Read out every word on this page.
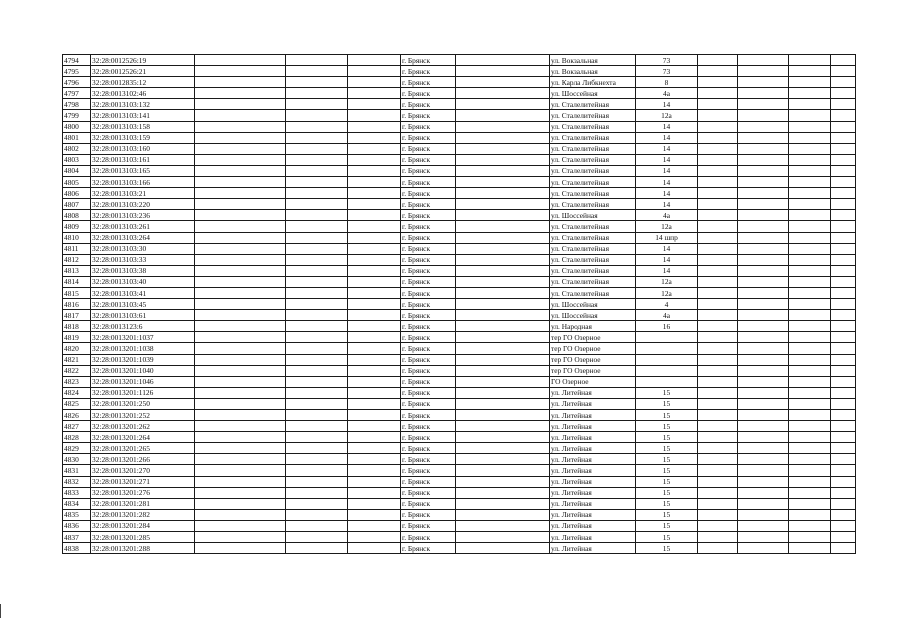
4794	32:28:0012526:19				г. Брянск		ул. Вокзальная	73				
4795	32:28:0012526:21				г. Брянск		ул. Вокзальная	73				
4796	32:28:0012835:12				г. Брянск		ул. Карла Либкнехта	8				
4797	32:28:0013102:46				г. Брянск		ул. Шоссейная	4а				
4798	32:28:0013103:132				г. Брянск		ул. Сталелитейная	14				
4799	32:28:0013103:141				г. Брянск		ул. Сталелитейная	12а				
4800	32:28:0013103:158				г. Брянск		ул. Сталелитейная	14				
4801	32:28:0013103:159				г. Брянск		ул. Сталелитейная	14				
4802	32:28:0013103:160				г. Брянск		ул. Сталелитейная	14				
4803	32:28:0013103:161				г. Брянск		ул. Сталелитейная	14				
4804	32:28:0013103:165				г. Брянск		ул. Сталелитейная	14				
4805	32:28:0013103:166				г. Брянск		ул. Сталелитейная	14				
4806	32:28:0013103:21				г. Брянск		ул. Сталелитейная	14				
4807	32:28:0013103:220				г. Брянск		ул. Сталелитейная	14				
4808	32:28:0013103:236				г. Брянск		ул. Шоссейная	4а				
4809	32:28:0013103:261				г. Брянск		ул. Сталелитейная	12а				
4810	32:28:0013103:264				г. Брянск		ул. Сталелитейная	14 шпр				
4811	32:28:0013103:30				г. Брянск		ул. Сталелитейная	14				
4812	32:28:0013103:33				г. Брянск		ул. Сталелитейная	14				
4813	32:28:0013103:38				г. Брянск		ул. Сталелитейная	14				
4814	32:28:0013103:40				г. Брянск		ул. Сталелитейная	12а				
4815	32:28:0013103:41				г. Брянск		ул. Сталелитейная	12а				
4816	32:28:0013103:45				г. Брянск		ул. Шоссейная	4				
4817	32:28:0013103:61				г. Брянск		ул. Шоссейная	4а				
4818	32:28:0013123:6				г. Брянск		ул. Народная	16				
4819	32:28:0013201:1037				г. Брянск		тер ГО Озерное					
4820	32:28:0013201:1038				г. Брянск		тер ГО Озерное					
4821	32:28:0013201:1039				г. Брянск		тер ГО Озерное					
4822	32:28:0013201:1040				г. Брянск		тер ГО Озерное					
4823	32:28:0013201:1046				г. Брянск		ГО Озерное					
4824	32:28:0013201:1126				г. Брянск		ул. Литейная	15				
4825	32:28:0013201:250				г. Брянск		ул. Литейная	15				
4826	32:28:0013201:252				г. Брянск		ул. Литейная	15				
4827	32:28:0013201:262				г. Брянск		ул. Литейная	15				
4828	32:28:0013201:264				г. Брянск		ул. Литейная	15				
4829	32:28:0013201:265				г. Брянск		ул. Литейная	15				
4830	32:28:0013201:266				г. Брянск		ул. Литейная	15				
4831	32:28:0013201:270				г. Брянск		ул. Литейная	15				
4832	32:28:0013201:271				г. Брянск		ул. Литейная	15				
4833	32:28:0013201:276				г. Брянск		ул. Литейная	15				
4834	32:28:0013201:281				г. Брянск		ул. Литейная	15				
4835	32:28:0013201:282				г. Брянск		ул. Литейная	15				
4836	32:28:0013201:284				г. Брянск		ул. Литейная	15				
4837	32:28:0013201:285				г. Брянск		ул. Литейная	15				
4838	32:28:0013201:288				г. Брянск		ул. Литейная	15				
